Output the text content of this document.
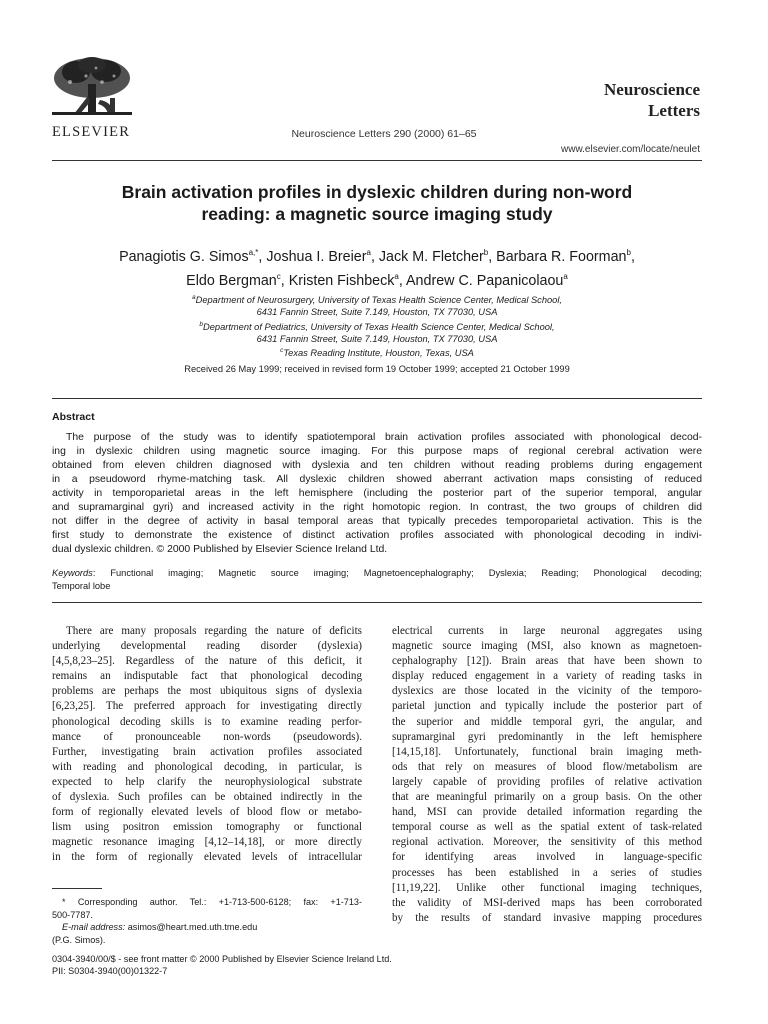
ELSEVIER
Neuroscience Letters
Neuroscience Letters 290 (2000) 61–65
www.elsevier.com/locate/neulet
Brain activation profiles in dyslexic children during non-word
reading: a magnetic source imaging study
Panagiotis G. Simos$^{a,*}$, Joshua I. Breier$^a$, Jack M. Fletcher$^b$, Barbara R. Foorman$^b$,
Eldo Bergman$^c$, Kristen Fishbeck$^a$, Andrew C. Papanicolaou$^a$
$^a$Department of Neurosurgery, University of Texas Health Science Center, Medical School,
6431 Fannin Street, Suite 7.149, Houston, TX 77030, USA
$^b$Department of Pediatrics, University of Texas Health Science Center, Medical School,
6431 Fannin Street, Suite 7.149, Houston, TX 77030, USA
$^c$Texas Reading Institute, Houston, Texas, USA
Received 26 May 1999; received in revised form 19 October 1999; accepted 21 October 1999
Abstract
The purpose of the study was to identify spatiotemporal brain activation profiles associated with phonological decod-
ing in dyslexic children using magnetic source imaging. For this purpose maps of regional cerebral activation were
obtained from eleven children diagnosed with dyslexia and ten children without reading problems during engagement
in a pseudoword rhyme-matching task. All dyslexic children showed aberrant activation maps consisting of reduced
activity in temporoparietal areas in the left hemisphere (including the posterior part of the superior temporal, angular
and supramarginal gyri) and increased activity in the right homotopic region. In contrast, the two groups of children did
not differ in the degree of activity in basal temporal areas that typically precedes temporoparietal activation. This is the
first study to demonstrate the existence of distinct activation profiles associated with phonological decoding in indivi-
dual dyslexic children. © 2000 Published by Elsevier Science Ireland Ltd.
Keywords: Functional imaging; Magnetic source imaging; Magnetoencephalography; Dyslexia; Reading; Phonological decoding;
Temporal lobe
There are many proposals regarding the nature of deficits
underlying developmental reading disorder (dyslexia)
[4,5,8,23–25]. Regardless of the nature of this deficit, it
remains an indisputable fact that phonological decoding
problems are perhaps the most ubiquitous signs of dyslexia
[6,23,25]. The preferred approach for investigating directly
phonological decoding skills is to examine reading perfor-
mance of pronounceable non-words (pseudowords).
Further, investigating brain activation profiles associated
with reading and phonological decoding, in particular, is
expected to help clarify the neurophysiological substrate
of dyslexia. Such profiles can be obtained indirectly in the
form of regionally elevated levels of blood flow or metabo-
lism using positron emission tomography or functional
magnetic resonance imaging [4,12–14,18], or more directly
in the form of regionally elevated levels of intracellular
electrical currents in large neuronal aggregates using
magnetic source imaging (MSI, also known as magnetoen-
cephalography [12]). Brain areas that have been shown to
display reduced engagement in a variety of reading tasks in
dyslexics are those located in the vicinity of the temporo-
parietal junction and typically include the posterior part of
the superior and middle temporal gyri, the angular, and
supramarginal gyri predominantly in the left hemisphere
[14,15,18]. Unfortunately, functional brain imaging meth-
ods that rely on measures of blood flow/metabolism are
largely capable of providing profiles of relative activation
that are meaningful primarily on a group basis. On the other
hand, MSI can provide detailed information regarding the
temporal course as well as the spatial extent of task-related
regional activation. Moreover, the sensitivity of this method
for identifying areas involved in language-specific
processes has been established in a series of studies
[11,19,22]. Unlike other functional imaging techniques,
the validity of MSI-derived maps has been corroborated
by the results of standard invasive mapping procedures
* Corresponding author. Tel.: +1-713-500-6128; fax: +1-713-
500-7787.
E-mail address: asimos@heart.med.uth.tme.edu
(P.G. Simos).
0304-3940/00/$ - see front matter © 2000 Published by Elsevier Science Ireland Ltd.
PII: S0304-3940(00)01322-7
